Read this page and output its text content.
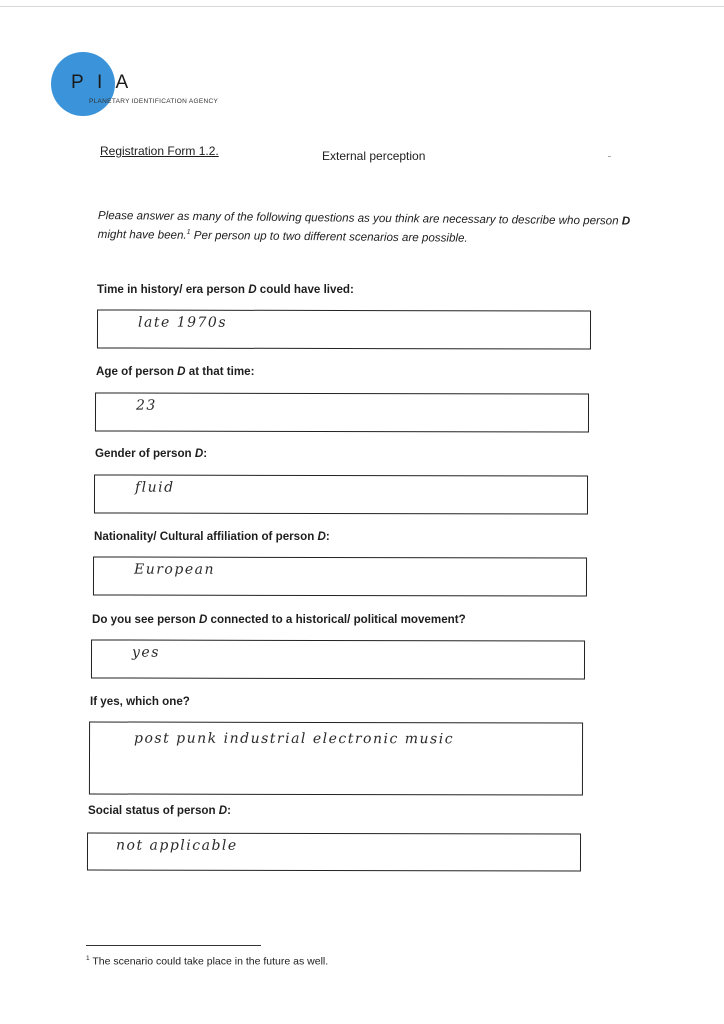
P I A
PLANETARY IDENTIFICATION AGENCY
Registration Form 1.2.	External perception
Please answer as many of the following questions as you think are necessary to describe who person D might have been.$^1$ Per person up to two different scenarios are possible.
Time in history/ era person D could have lived:
late 1970s
Age of person D at that time:
23
Gender of person D:
fluid
Nationality/ Cultural affiliation of person D:
European
Do you see person D connected to a historical/ political movement?
yes
If yes, which one?
post punk industrial electronic music
Social status of person D:
not applicable
$^1$ The scenario could take place in the future as well.
